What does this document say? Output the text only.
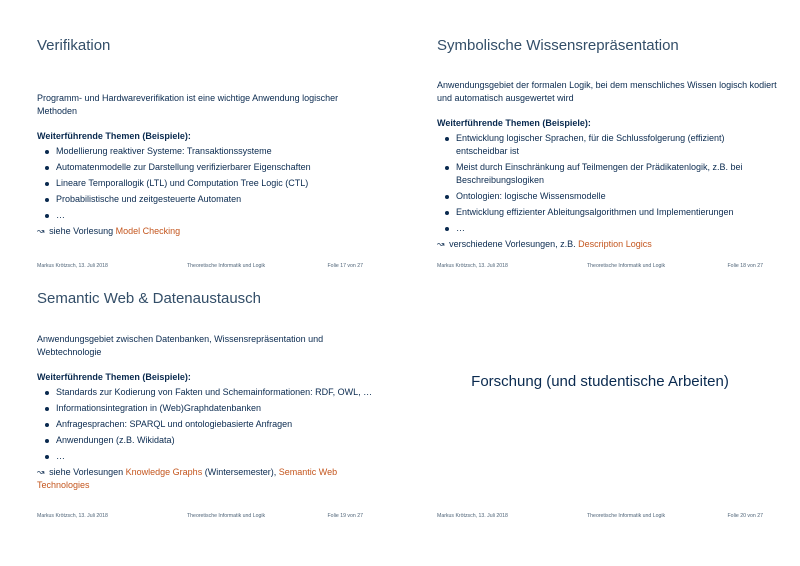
Verifikation
Programm- und Hardwareverifikation ist eine wichtige Anwendung logischer Methoden
Weiterführende Themen (Beispiele):
Modellierung reaktiver Systeme: Transaktionssysteme
Automatenmodelle zur Darstellung verifizierbarer Eigenschaften
Lineare Temporallogik (LTL) und Computation Tree Logic (CTL)
Probabilistische und zeitgesteuerte Automaten
…
↝ siehe Vorlesung Model Checking
Markus Krötzsch, 13. Juli 2018	Theoretische Informatik und Logik	Folie 17 von 27
Symbolische Wissensrepräsentation
Anwendungsgebiet der formalen Logik, bei dem menschliches Wissen logisch kodiert und automatisch ausgewertet wird
Weiterführende Themen (Beispiele):
Entwicklung logischer Sprachen, für die Schlussfolgerung (effizient) entscheidbar ist
Meist durch Einschränkung auf Teilmengen der Prädikatenlogik, z.B. bei Beschreibungslogiken
Ontologien: logische Wissensmodelle
Entwicklung effizienter Ableitungsalgorithmen und Implementierungen
…
↝ verschiedene Vorlesungen, z.B. Description Logics
Markus Krötzsch, 13. Juli 2018	Theoretische Informatik und Logik	Folie 18 von 27
Semantic Web & Datenaustausch
Anwendungsgebiet zwischen Datenbanken, Wissensrepräsentation und Webtechnologie
Weiterführende Themen (Beispiele):
Standards zur Kodierung von Fakten und Schemainformationen: RDF, OWL, …
Informationsintegration in (Web)Graphdatenbanken
Anfragesprachen: SPARQL und ontologiebasierte Anfragen
Anwendungen (z.B. Wikidata)
…
↝ siehe Vorlesungen Knowledge Graphs (Wintersemester), Semantic Web Technologies
Markus Krötzsch, 13. Juli 2018	Theoretische Informatik und Logik	Folie 19 von 27
Forschung (und studentische Arbeiten)
Markus Krötzsch, 13. Juli 2018	Theoretische Informatik und Logik	Folie 20 von 27
